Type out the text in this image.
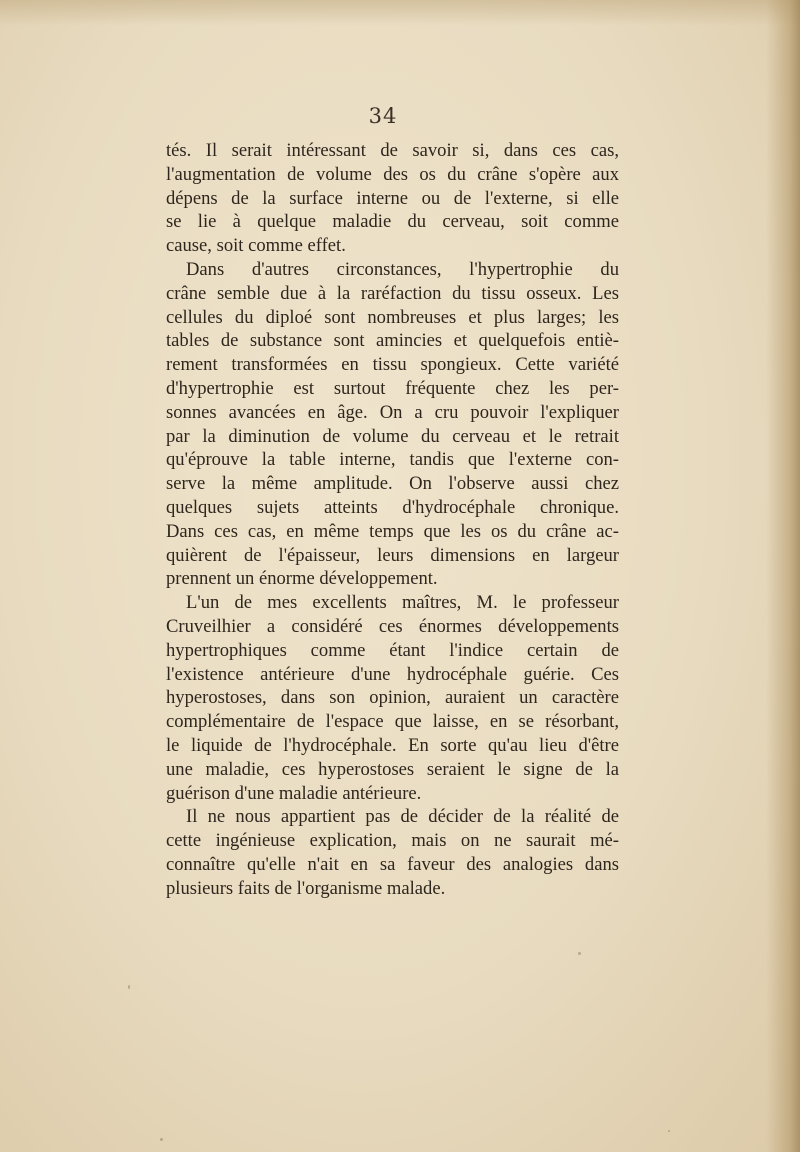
34
tés. Il serait intéressant de savoir si, dans ces cas,
l'augmentation de volume des os du crâne s'opère aux
dépens de la surface interne ou de l'externe, si elle
se lie à quelque maladie du cerveau, soit comme
cause, soit comme effet.
Dans d'autres circonstances, l'hypertrophie du
crâne semble due à la raréfaction du tissu osseux. Les
cellules du diploé sont nombreuses et plus larges; les
tables de substance sont amincies et quelquefois entiè-
rement transformées en tissu spongieux. Cette variété
d'hypertrophie est surtout fréquente chez les per-
sonnes avancées en âge. On a cru pouvoir l'expliquer
par la diminution de volume du cerveau et le retrait
qu'éprouve la table interne, tandis que l'externe con-
serve la même amplitude. On l'observe aussi chez
quelques sujets atteints d'hydrocéphale chronique.
Dans ces cas, en même temps que les os du crâne ac-
quièrent de l'épaisseur, leurs dimensions en largeur
prennent un énorme développement.
L'un de mes excellents maîtres, M. le professeur
Cruveilhier a considéré ces énormes développements
hypertrophiques comme étant l'indice certain de
l'existence antérieure d'une hydrocéphale guérie. Ces
hyperostoses, dans son opinion, auraient un caractère
complémentaire de l'espace que laisse, en se résorbant,
le liquide de l'hydrocéphale. En sorte qu'au lieu d'être
une maladie, ces hyperostoses seraient le signe de la
guérison d'une maladie antérieure.
Il ne nous appartient pas de décider de la réalité de
cette ingénieuse explication, mais on ne saurait mé-
connaître qu'elle n'ait en sa faveur des analogies dans
plusieurs faits de l'organisme malade.
